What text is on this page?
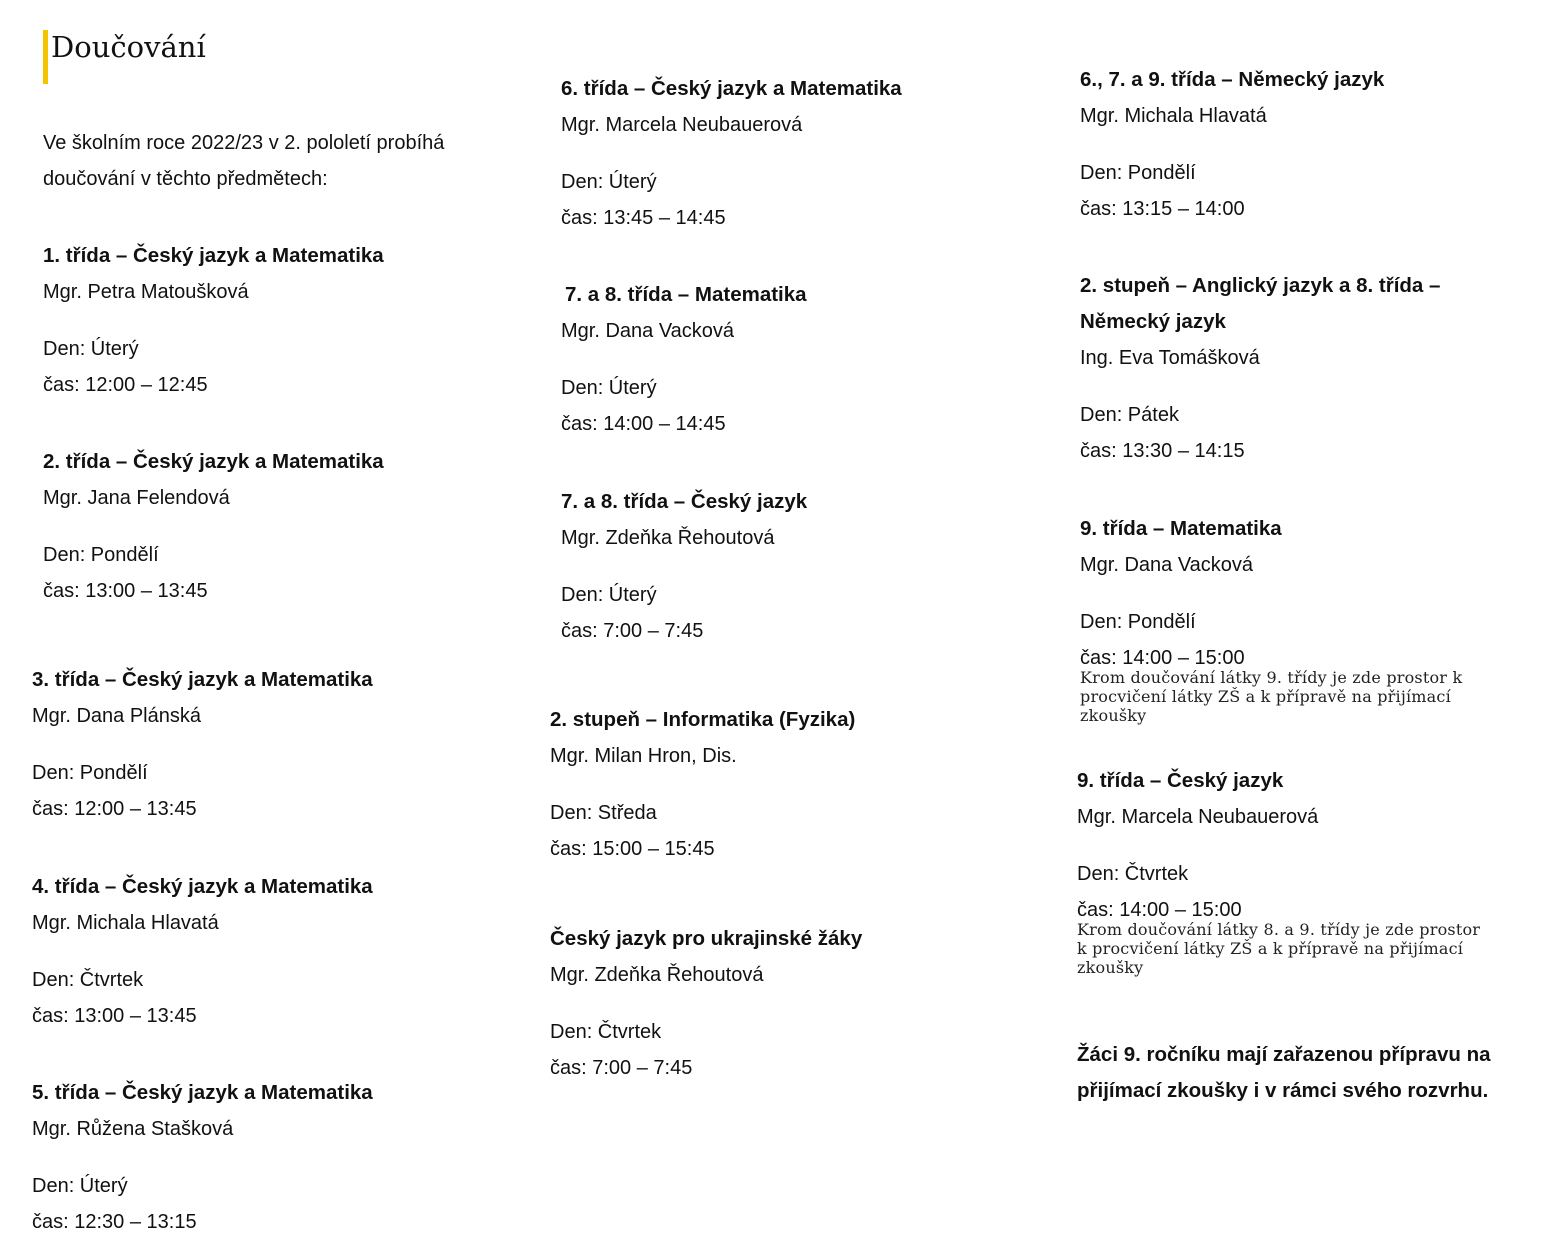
Doučování
Ve školním roce 2022/23 v 2. pololetí probíhá doučování v těchto předmětech:
1. třída – Český jazyk a Matematika
Mgr. Petra Matoušková
Den: Úterý
čas: 12:00 – 12:45
2. třída – Český jazyk a Matematika
Mgr. Jana Felendová
Den: Pondělí
čas: 13:00 – 13:45
3. třída – Český jazyk a Matematika
Mgr. Dana Plánská
Den: Pondělí
čas: 12:00 – 13:45
4. třída – Český jazyk a Matematika
Mgr. Michala Hlavatá
Den: Čtvrtek
čas: 13:00 – 13:45
5. třída – Český jazyk a Matematika
Mgr. Růžena Stašková
Den: Úterý
čas: 12:30 – 13:15
6. třída – Český jazyk a Matematika
Mgr. Marcela Neubauerová
Den: Úterý
čas: 13:45 – 14:45
7. a 8. třída – Matematika
Mgr. Dana Vacková
Den: Úterý
čas: 14:00 – 14:45
7. a 8. třída – Český jazyk
Mgr. Zdeňka Řehoutová
Den: Úterý
čas: 7:00 – 7:45
2. stupeň – Informatika (Fyzika)
Mgr. Milan Hron, Dis.
Den: Středa
čas: 15:00 – 15:45
Český jazyk pro ukrajinské žáky
Mgr. Zdeňka Řehoutová
Den: Čtvrtek
čas: 7:00 – 7:45
6., 7. a 9. třída – Německý jazyk
Mgr. Michala Hlavatá
Den: Pondělí
čas: 13:15 – 14:00
2. stupeň – Anglický jazyk a 8. třída – Německý jazyk
Ing. Eva Tomášková
Den: Pátek
čas: 13:30 – 14:15
9. třída – Matematika
Mgr. Dana Vacková
Den: Pondělí
čas: 14:00 – 15:00
Krom doučování látky 9. třídy je zde prostor k procvičení látky ZŠ a k přípravě na přijímací zkoušky
9. třída – Český jazyk
Mgr. Marcela Neubauerová
Den: Čtvrtek
čas: 14:00 – 15:00
Krom doučování látky 8. a 9. třídy je zde prostor k procvičení látky ZŠ a k přípravě na přijímací zkoušky
Žáci 9. ročníku mají zařazenou přípravu na přijímací zkoušky i v rámci svého rozvrhu.
